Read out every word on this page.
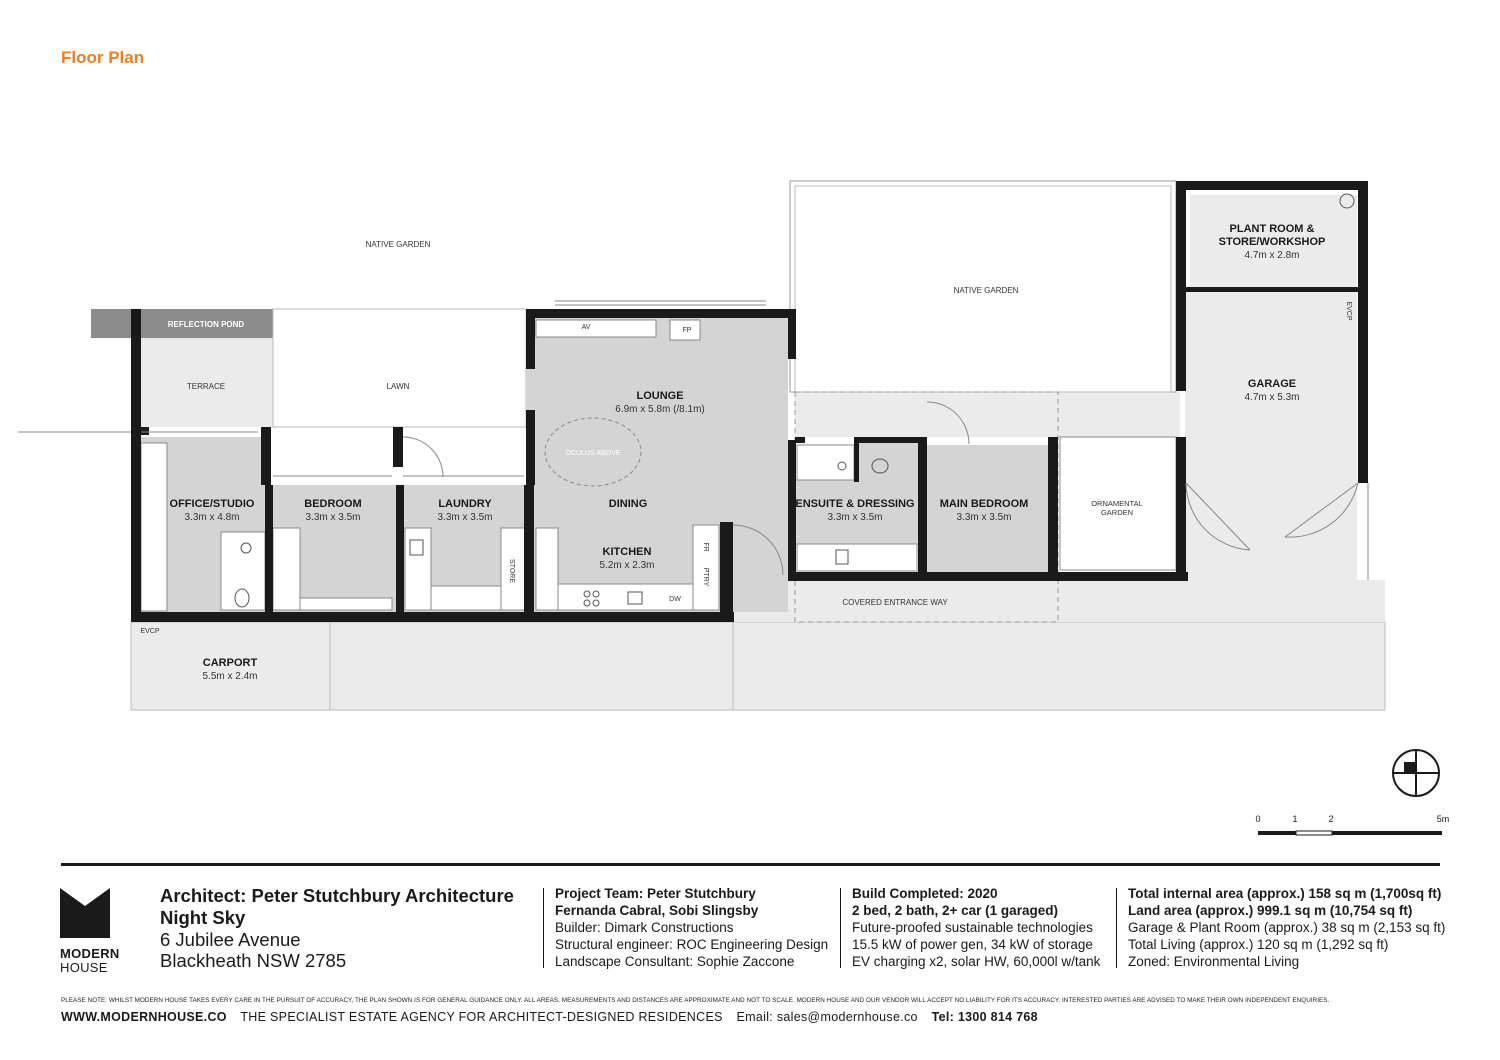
Floor Plan
NATIVE GARDEN
NATIVE GARDEN
REFLECTION POND
TERRACE	LAWN
OCULUS ABOVE
ORNAMENTAL
GARDEN
COVERED ENTRANCE WAY
PLANT ROOM &
STORE/WORKSHOP
4.7m x 2.8m
GARAGE
4.7m x 5.3m
LOUNGE
6.9m x 5.8m (/8.1m)
DINING
KITCHEN
5.2m x 2.3m
OFFICE/STUDIO
3.3m x 4.8m
BEDROOM
3.3m x 3.5m
LAUNDRY
3.3m x 3.5m
ENSUITE & DRESSING
3.3m x 3.5m
MAIN BEDROOM
3.3m x 3.5m
CARPORT
5.5m x 2.4m
AV	FP
DW
EVCP
0	1	2	5m
STORE
FR
PTRY
EVCP
MODERN
HOUSE
Architect: Peter Stutchbury Architecture
Night Sky
6 Jubilee Avenue
Blackheath NSW 2785
Project Team: Peter Stutchbury
Fernanda Cabral, Sobi Slingsby
Builder: Dimark Constructions
Structural engineer: ROC Engineering Design
Landscape Consultant: Sophie Zaccone
Build Completed: 2020
2 bed, 2 bath, 2+ car (1 garaged)
Future-proofed sustainable technologies
15.5 kW of power gen, 34 kW of storage
EV charging x2, solar HW, 60,000l w/tank
Total internal area (approx.) 158 sq m (1,700sq ft)
Land area (approx.) 999.1 sq m (10,754 sq ft)
Garage & Plant Room (approx.) 38 sq m (2,153 sq ft)
Total Living (approx.) 120 sq m (1,292 sq ft)
Zoned: Environmental Living
PLEASE NOTE: WHILST MODERN HOUSE TAKES EVERY CARE IN THE PURSUIT OF ACCURACY, THE PLAN SHOWN IS FOR GENERAL GUIDANCE ONLY. ALL AREAS, MEASUREMENTS AND DISTANCES ARE APPROXIMATE AND NOT TO SCALE. MODERN HOUSE AND OUR VENDOR WILL ACCEPT NO LIABILITY FOR ITS ACCURACY. INTERESTED PARTIES ARE ADVISED TO MAKE THEIR OWN INDEPENDENT ENQUIRIES.
WWW.MODERNHOUSE.CO THE SPECIALIST ESTATE AGENCY FOR ARCHITECT-DESIGNED RESIDENCES Email: sales@modernhouse.co Tel: 1300 814 768
